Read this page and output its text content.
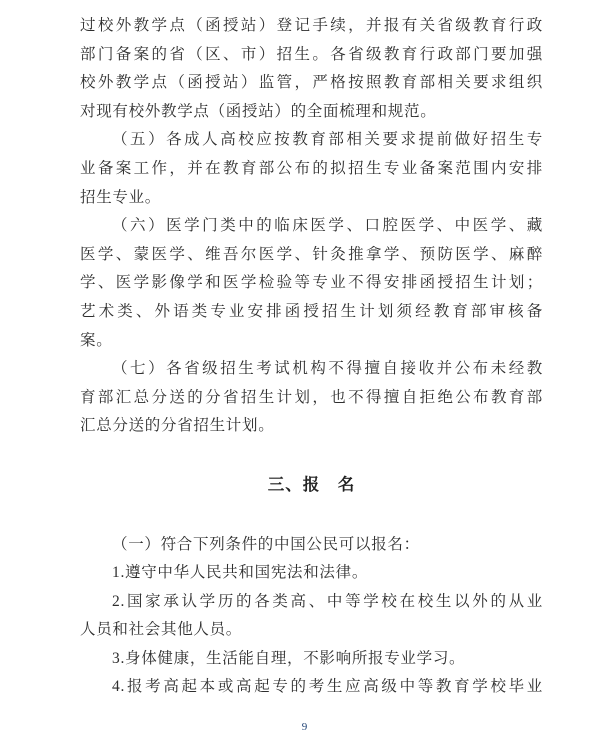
过校外教学点（函授站）登记手续，并报有关省级教育行政
部门备案的省（区、市）招生。各省级教育行政部门要加强
校外教学点（函授站）监管，严格按照教育部相关要求组织
对现有校外教学点（函授站）的全面梳理和规范。
（五）各成人高校应按教育部相关要求提前做好招生专
业备案工作，并在教育部公布的拟招生专业备案范围内安排
招生专业。
（六）医学门类中的临床医学、口腔医学、中医学、藏
医学、蒙医学、维吾尔医学、针灸推拿学、预防医学、麻醉
学、医学影像学和医学检验等专业不得安排函授招生计划；
艺术类、外语类专业安排函授招生计划须经教育部审核备
案。
（七）各省级招生考试机构不得擅自接收并公布未经教
育部汇总分送的分省招生计划，也不得擅自拒绝公布教育部
汇总分送的分省招生计划。
三、报　名
（一）符合下列条件的中国公民可以报名：
1.遵守中华人民共和国宪法和法律。
2.国家承认学历的各类高、中等学校在校生以外的从业
人员和社会其他人员。
3.身体健康，生活能自理，不影响所报专业学习。
4.报考高起本或高起专的考生应高级中等教育学校毕业
9
